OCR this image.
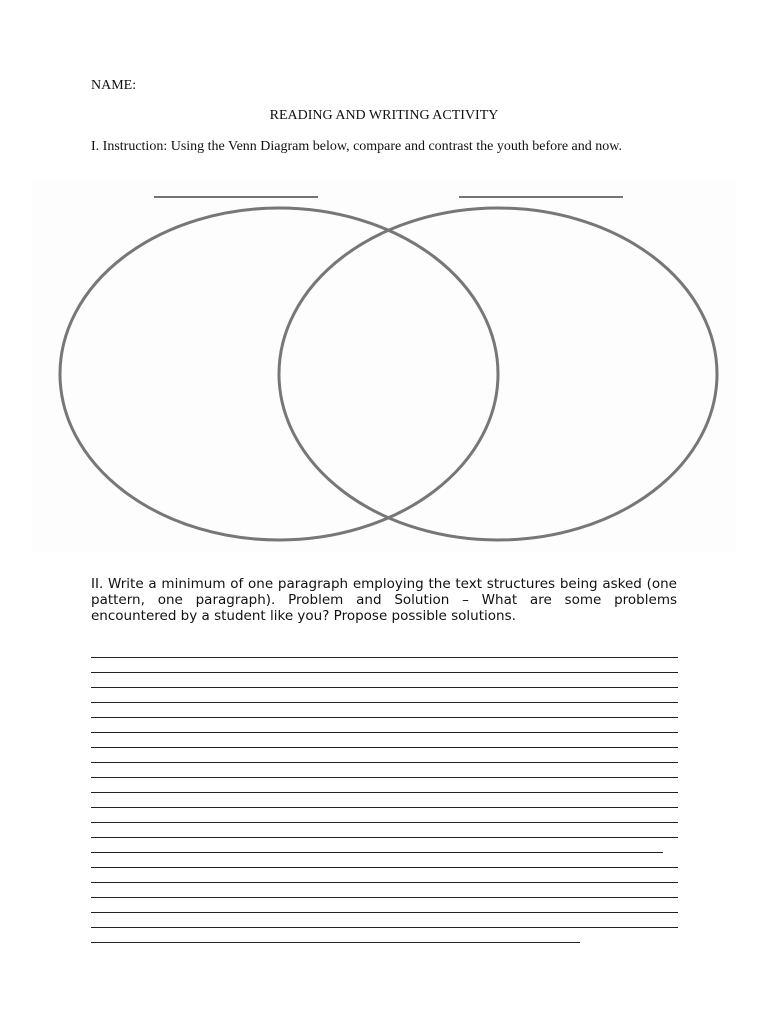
NAME:
READING AND WRITING ACTIVITY
I. Instruction: Using the Venn Diagram below, compare and contrast the youth before and now.
II. Write a minimum of one paragraph employing the text structures being asked (one pattern, one paragraph). Problem and Solution – What are some problems encountered by a student like you? Propose possible solutions.
